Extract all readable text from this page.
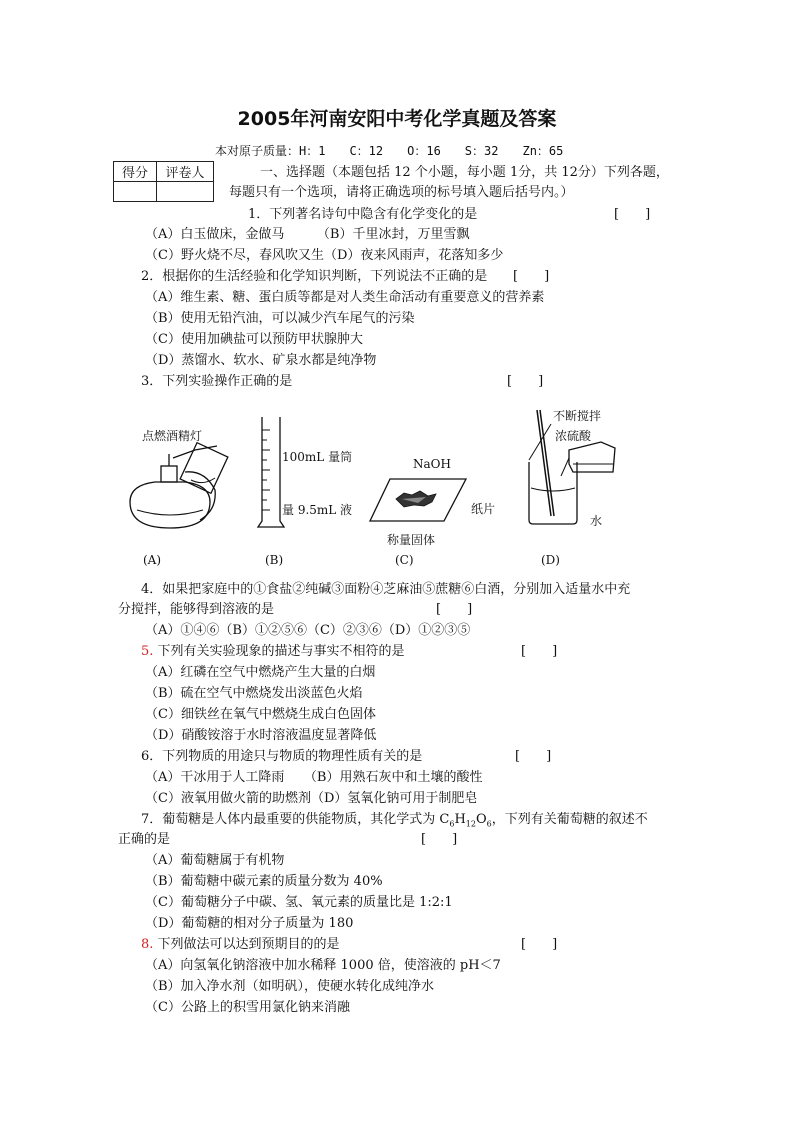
2005年河南安阳中考化学真题及答案
本对原子质量：H：1　　C：12　　O：16　　S：32　　Zn：65
得分	评卷人
		一、选择题（本题包括 12 个小题，每小题 1分，共 12分）下列各题，
每题只有一个选项，请将正确选项的标号填入题后括号内。）
1．下列著名诗句中隐含有化学变化的是	[　　]
（A）白玉做床，金做马　　　（B）千里冰封，万里雪飘
（C）野火烧不尽，春风吹又生（D）夜来风雨声，花落知多少
2．根据你的生活经验和化学知识判断，下列说法不正确的是 [　　]
（A）维生素、糖、蛋白质等都是对人类生命活动有重要意义的营养素
（B）使用无铅汽油，可以减少汽车尾气的污染
（C）使用加碘盐可以预防甲状腺肿大
（D）蒸馏水、软水、矿泉水都是纯净物
3．下列实验操作正确的是	[　　]
点燃酒精灯
100mL 量筒
量 9.5mL 液
NaOH
纸片
称量固体
不断搅拌
浓硫酸
水
(A)	(B)	(C)	(D)
4．如果把家庭中的①食盐②纯碱③面粉④芝麻油⑤蔗糖⑥白酒，分别加入适量水中充
分搅拌，能够得到溶液的是	[　　]
（A）①④⑥（B）①②⑤⑥（C）②③⑥（D）①②③⑤
5. 下列有关实验现象的描述与事实不相符的是	[　　]
（A）红磷在空气中燃烧产生大量的白烟
（B）硫在空气中燃烧发出淡蓝色火焰
（C）细铁丝在氧气中燃烧生成白色固体
（D）硝酸铵溶于水时溶液温度显著降低
6．下列物质的用途只与物质的物理性质有关的是	[　　]
（A）干冰用于人工降雨　　（B）用熟石灰中和土壤的酸性
（C）液氧用做火箭的助燃剂（D）氢氧化钠可用于制肥皂
7．葡萄糖是人体内最重要的供能物质，其化学式为 $C_6H_{12}O_6$，下列有关葡萄糖的叙述不
正确的是	[　　]
（A）葡萄糖属于有机物
（B）葡萄糖中碳元素的质量分数为 40%
（C）葡萄糖分子中碳、氢、氧元素的质量比是 1:2:1
（D）葡萄糖的相对分子质量为 180
8. 下列做法可以达到预期目的的是	[　　]
（A）向氢氧化钠溶液中加水稀释 1000 倍，使溶液的 pH＜7
（B）加入净水剂（如明矾），使硬水转化成纯净水
（C）公路上的积雪用氯化钠来消融
